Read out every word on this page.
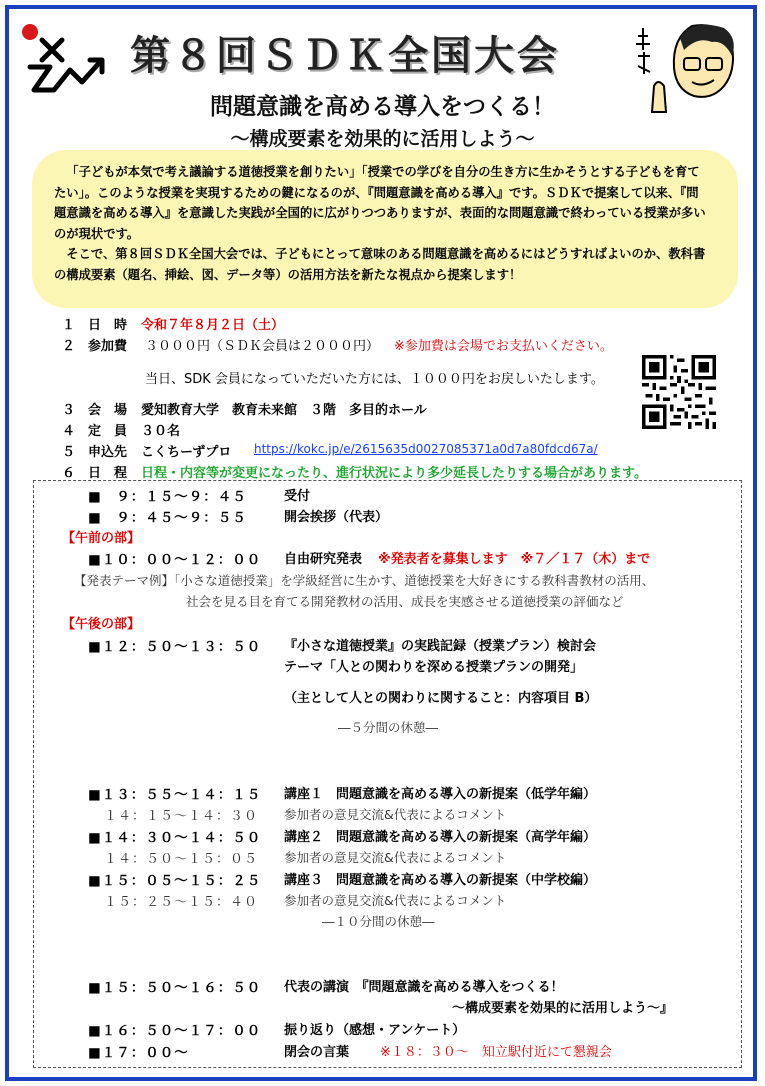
第８回ＳＤＫ全国大会
問題意識を高める導入をつくる！
～構成要素を効果的に活用しよう～

「子どもが本気で考え議論する道徳授業を創りたい」「授業での学びを自分の生き方に生かそうとする子どもを育てたい」。このような授業を実現するための鍵になるのが、『問題意識を高める導入』です。ＳＤＫで提案して以来、『問題意識を高める導入』を意識した実践が全国的に広がりつつありますが、表面的な問題意識で終わっている授業が多いのが現状です。

そこで、第８回ＳＤＫ全国大会では、子どもにとって意味のある問題意識を高めるにはどうすればよいのか、教科書の構成要素（題名、挿絵、図、データ等）の活用方法を新たな視点から提案します！

１　日　時 令和７年８月２日（土）
２　参加費 ３０００円（ＳＤＫ会員は２０００円） ※参加費は会場でお支払いください。
当日、SDK 会員になっていただいた方には、１０００円をお戻しいたします。
３　会　場 愛知教育大学　教育未来館　３階　多目的ホール
４　定　員 ３０名
５　申込先 こくちーずプロ https://kokc.jp/e/2615635d0027085371a0d7a80fdcd67a/
６　日　程 日程・内容等が変更になったり、進行状況により多少延長したりする場合があります。
■　９：１５～９：４５	受付
■　９：４５～９：５５	開会挨拶（代表）
【午前の部】
■１０：００～１２：００ 自由研究発表 ※発表者を募集します　※７／１７（木）まで
【発表テーマ例】「小さな道徳授業」を学級経営に生かす、道徳授業を大好きにする教科書教材の活用、
社会を見る目を育てる開発教材の活用、成長を実感させる道徳授業の評価など
【午後の部】
■１２：５０～１３：５０ 『小さな道徳授業』の実践記録（授業プラン）検討会
テーマ「人との関わりを深める授業プランの開発」
（主として人との関わりに関すること：内容項目 B）
―５分間の休憩―
■１３：５５～１４：１５ 講座１　問題意識を高める導入の新提案（低学年編）
１４：１５～１４：３０ 参加者の意見交流&代表によるコメント
■１４：３０～１４：５０ 講座２　問題意識を高める導入の新提案（高学年編）
１４：５０～１５：０５ 参加者の意見交流&代表によるコメント
■１５：０５～１５：２５ 講座３　問題意識を高める導入の新提案（中学校編）
１５：２５～１５：４０ 参加者の意見交流&代表によるコメント
―１０分間の休憩―
■１５：５０～１６：５０ 代表の講演　『問題意識を高める導入をつくる！
～構成要素を効果的に活用しよう～』
■１６：５０～１７：００ 振り返り（感想・アンケート）
■１７：００～	閉会の言葉 ※１８：３０～　知立駅付近にて懇親会
